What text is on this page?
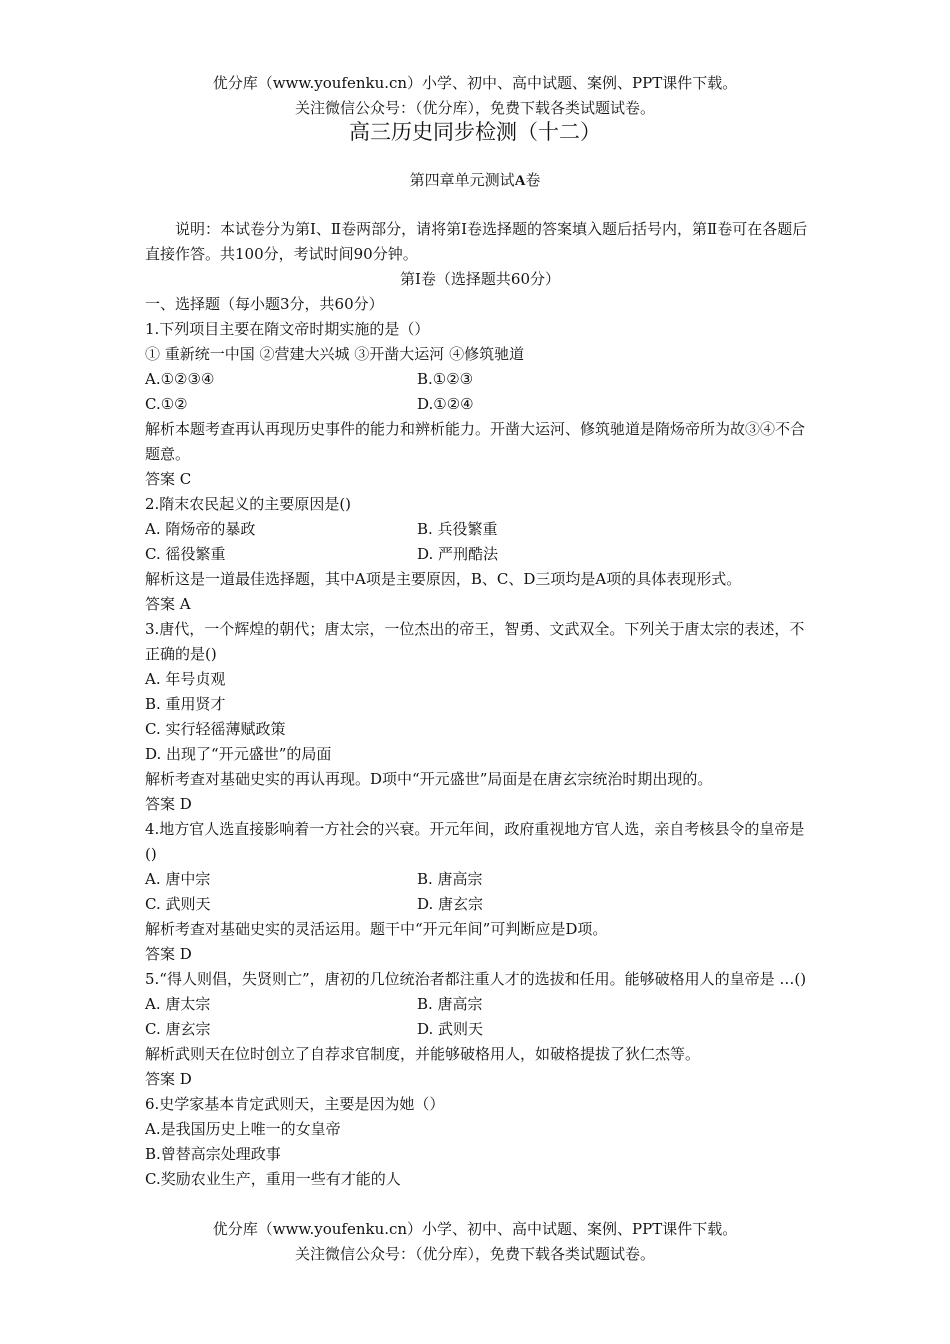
优分库（www.youfenku.cn）小学、初中、高中试题、案例、PPT课件下载。
关注微信公众号：（优分库），免费下载各类试题试卷。
高三历史同步检测（十二）
第四章单元测试A卷

说明：本试卷分为第Ⅰ、Ⅱ卷两部分，请将第Ⅰ卷选择题的答案填入题后括号内，第Ⅱ卷可在各题后直接作答。共100分，考试时间90分钟。

第Ⅰ卷（选择题共60分）

一、选择题（每小题3分，共60分）

1.下列项目主要在隋文帝时期实施的是（）

① 重新统一中国 ②营建大兴城 ③开凿大运河 ④修筑驰道

A.①②③④	B.①②③
C.①②	D.①②④

解析本题考查再认再现历史事件的能力和辨析能力。开凿大运河、修筑驰道是隋炀帝所为故③④不合题意。

答案 C

2.隋末农民起义的主要原因是()

A. 隋炀帝的暴政	B. 兵役繁重
C. 徭役繁重	D. 严刑酷法

解析这是一道最佳选择题，其中A项是主要原因，B、C、D三项均是A项的具体表现形式。

答案 A

3.唐代，一个辉煌的朝代；唐太宗，一位杰出的帝王，智勇、文武双全。下列关于唐太宗的表述，不正确的是()

A. 年号贞观

B. 重用贤才

C. 实行轻徭薄赋政策

D. 出现了“开元盛世”的局面

解析考查对基础史实的再认再现。D项中“开元盛世”局面是在唐玄宗统治时期出现的。

答案 D

4.地方官人选直接影响着一方社会的兴衰。开元年间，政府重视地方官人选，亲自考核县令的皇帝是()

A. 唐中宗	B. 唐高宗
C. 武则天	D. 唐玄宗

解析考查对基础史实的灵活运用。题干中“开元年间”可判断应是D项。

答案 D

5.“得人则倡，失贤则亡”，唐初的几位统治者都注重人才的选拔和任用。能够破格用人的皇帝是 …()

A. 唐太宗	B. 唐高宗
C. 唐玄宗	D. 武则天

解析武则天在位时创立了自荐求官制度，并能够破格用人，如破格提拔了狄仁杰等。

答案 D

6.史学家基本肯定武则天，主要是因为她（）

A.是我国历史上唯一的女皇帝

B.曾替高宗处理政事

C.奖励农业生产，重用一些有才能的人

优分库（www.youfenku.cn）小学、初中、高中试题、案例、PPT课件下载。
关注微信公众号：（优分库），免费下载各类试题试卷。
